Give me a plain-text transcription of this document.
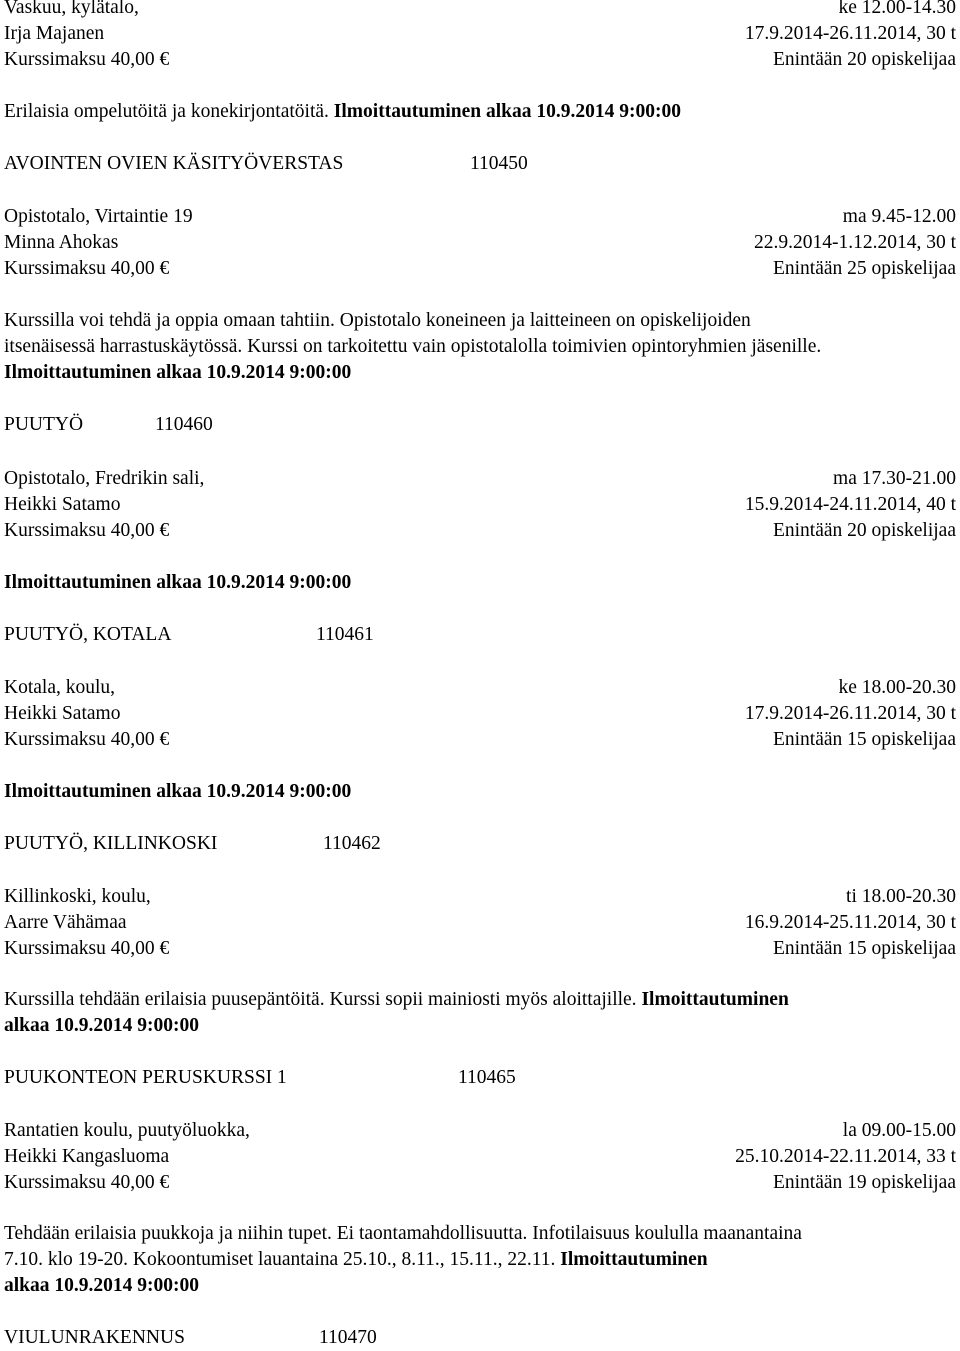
Vaskuu, kylätalo,	ke 12.00-14.30
Irja Majanen	17.9.2014-26.11.2014, 30 t
Kurssimaksu 40,00 €	Enintään 20 opiskelijaa
Erilaisia ompelutöitä ja konekirjontatöitä. Ilmoittautuminen alkaa 10.9.2014 9:00:00
AVOINTEN OVIEN KÄSITYÖVERSTAS	110450
Opistotalo, Virtaintie 19	ma 9.45-12.00
Minna Ahokas	22.9.2014-1.12.2014, 30 t
Kurssimaksu 40,00 €	Enintään 25 opiskelijaa
Kurssilla voi tehdä ja oppia omaan tahtiin. Opistotalo koneineen ja laitteineen on opiskelijoiden
itsenäisessä harrastuskäytössä. Kurssi on tarkoitettu vain opistotalolla toimivien opintoryhmien jäsenille.
Ilmoittautuminen alkaa 10.9.2014 9:00:00
PUUTYÖ	110460
Opistotalo, Fredrikin sali,	ma 17.30-21.00
Heikki Satamo	15.9.2014-24.11.2014, 40 t
Kurssimaksu 40,00 €	Enintään 20 opiskelijaa
Ilmoittautuminen alkaa 10.9.2014 9:00:00
PUUTYÖ, KOTALA	110461
Kotala, koulu,	ke 18.00-20.30
Heikki Satamo	17.9.2014-26.11.2014, 30 t
Kurssimaksu 40,00 €	Enintään 15 opiskelijaa
Ilmoittautuminen alkaa 10.9.2014 9:00:00
PUUTYÖ, KILLINKOSKI	110462
Killinkoski, koulu,	ti 18.00-20.30
Aarre Vähämaa	16.9.2014-25.11.2014, 30 t
Kurssimaksu 40,00 €	Enintään 15 opiskelijaa
Kurssilla tehdään erilaisia puusepäntöitä. Kurssi sopii mainiosti myös aloittajille. Ilmoittautuminen
alkaa 10.9.2014 9:00:00
PUUKONTEON PERUSKURSSI 1	110465
Rantatien koulu, puutyöluokka,	la 09.00-15.00
Heikki Kangasluoma	25.10.2014-22.11.2014, 33 t
Kurssimaksu 40,00 €	Enintään 19 opiskelijaa
Tehdään erilaisia puukkoja ja niihin tupet. Ei taontamahdollisuutta. Infotilaisuus koululla maanantaina
7.10. klo 19-20. Kokoontumiset lauantaina 25.10., 8.11., 15.11., 22.11. Ilmoittautuminen
alkaa 10.9.2014 9:00:00
VIULUNRAKENNUS	110470
